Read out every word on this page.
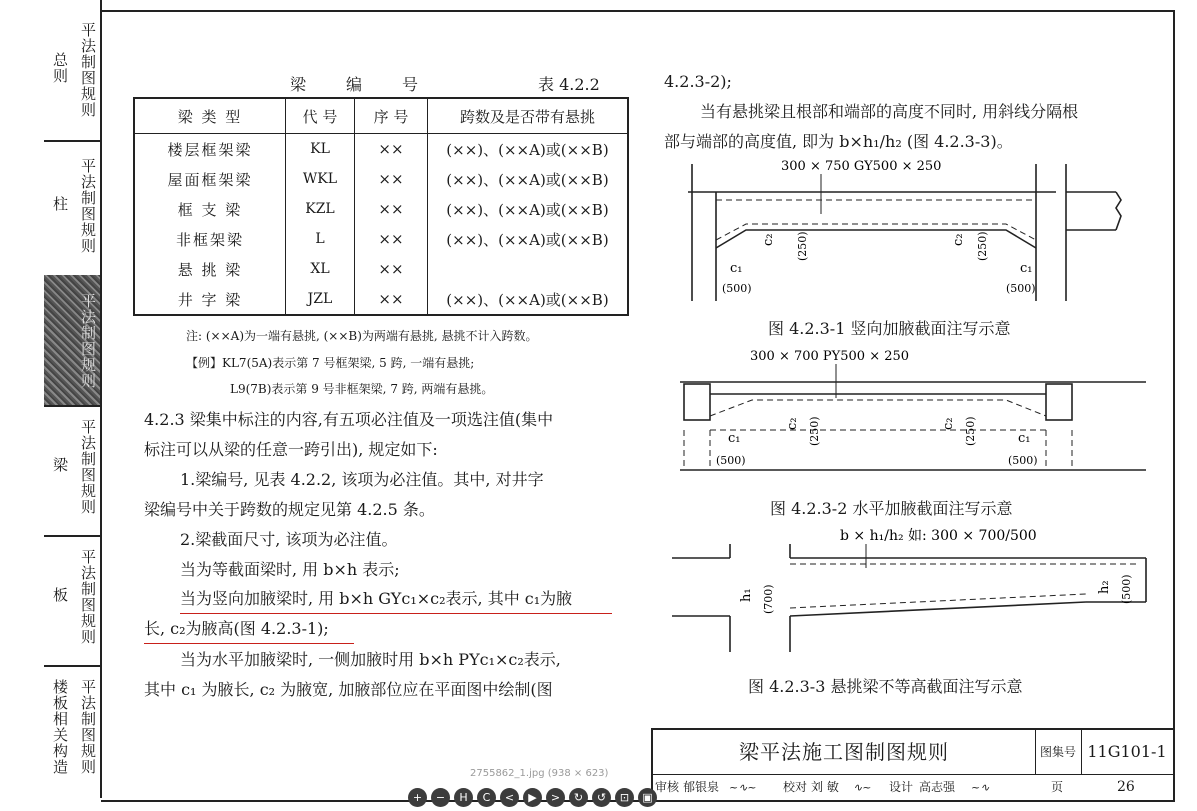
总则 平法制图规则
柱 平法制图规则
平法制图规则
梁 平法制图规则
板 平法制图规则
楼板相关构造 平法制图规则
梁编号	表 4.2.2
梁 类 型	代 号	序 号	跨数及是否带有悬挑
楼层框架梁	KL	××	(××)、(××A)或(××B)
屋面框架梁	WKL	××	(××)、(××A)或(××B)
框 支 梁	KZL	××	(××)、(××A)或(××B)
非框架梁	L	××	(××)、(××A)或(××B)
悬 挑 梁	XL	××	
井 字 梁	JZL	××	(××)、(××A)或(××B)
注: (××A)为一端有悬挑, (××B)为两端有悬挑, 悬挑不计入跨数。
【例】KL7(5A)表示第 7 号框架梁, 5 跨, 一端有悬挑;
L9(7B)表示第 9 号非框架梁, 7 跨, 两端有悬挑。
4.2.3 梁集中标注的内容,有五项必注值及一项选注值(集中
标注可以从梁的任意一跨引出), 规定如下:
1.梁编号, 见表 4.2.2, 该项为必注值。其中, 对井字
梁编号中关于跨数的规定见第 4.2.5 条。
2.梁截面尺寸, 该项为必注值。
当为等截面梁时, 用 b×h 表示;
当为竖向加腋梁时, 用 b×h GYc₁×c₂表示, 其中 c₁为腋
长, c₂为腋高(图 4.2.3-1);
当为水平加腋梁时, 一侧加腋时用 b×h PYc₁×c₂表示,
其中 c₁ 为腋长, c₂ 为腋宽, 加腋部位应在平面图中绘制(图
4.2.3-2);
当有悬挑梁且根部和端部的高度不同时, 用斜线分隔根
部与端部的高度值, 即为 b×h₁/h₂ (图 4.2.3-3)。
300 × 750 GY500 × 250
c₂ (250)	c₂ (250)
c₁
(500)
c₁
(500)
图 4.2.3-1 竖向加腋截面注写示意
300 × 700 PY500 × 250
c₂ (250)	c₂ (250)
c₁
(500)
c₁
(500)
图 4.2.3-2 水平加腋截面注写示意
b × h₁/h₂ 如: 300 × 700/500
h₁ (700)	h₂ (500)
图 4.2.3-3 悬挑梁不等高截面注写示意
梁平法施工图制图规则	图集号 11G101-1
审核 郁银泉 ~∿~ 校对 刘 敏 ∿~ 设计 高志强 ~∿	页	26
2755862_1.jpg (938 × 623)
+	−	H	C	<	▶	>	↻	↺	⊡	▣
